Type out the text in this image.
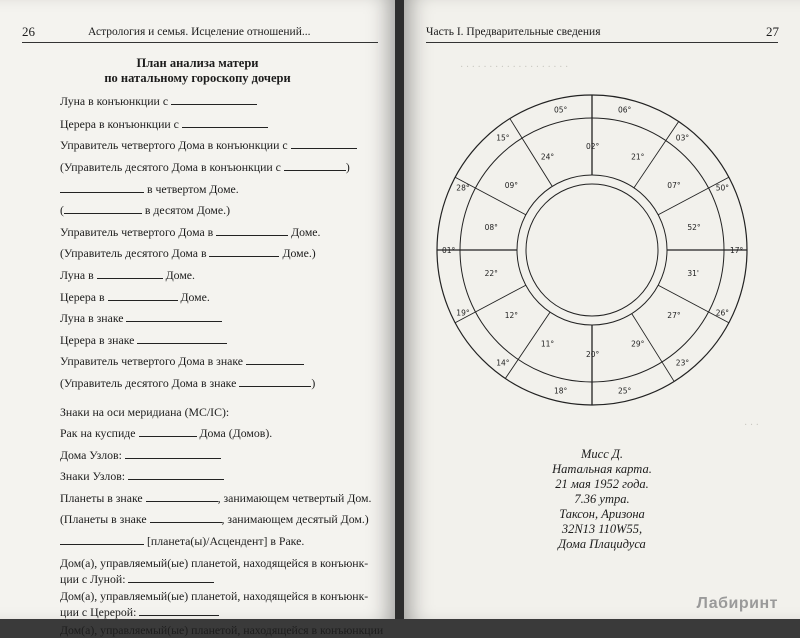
26	Астрология и семья. Исцеление отношений...
План анализа матери
по натальному гороскопу дочери
Луна в конъюнкции с
Церера в конъюнкции с
Управитель четвертого Дома в конъюнкции с
(Управитель десятого Дома в конъюнкции с	)
в четвертом Доме.
(	в десятом Доме.)
Управитель четвертого Дома в	Доме.
(Управитель десятого Дома в	Доме.)
Луна в	Доме.
Церера в	Доме.
Луна в знаке
Церера в знаке
Управитель четвертого Дома в знаке
(Управитель десятого Дома в знаке	)
Знаки на оси меридиана (MC/IC):
Рак на куспиде	Дома (Домов).
Дома Узлов:
Знаки Узлов:
Планеты в знаке	, занимающем четвертый Дом.
(Планеты в знаке	, занимающем десятый Дом.)
[планета(ы)/Асцендент] в Раке.
Дом(а), управляемый(ые) планетой, находящейся в конъюнк-
ции с Луной:
Дом(а), управляемый(ые) планетой, находящейся в конъюнк-
ции с Церерой:
Дом(а), управляемый(ые) планетой, находящейся в конъюнкции
Часть I. Предварительные сведения	27
· · · · · · · · · · · · · · · · · · ·
· · ·
17°
31'
26°
27°
23°
29°
25°
20°
18°
11°
14°
12°
19°
22°
01°
08°
28°	09°
15°
24°
05°
02°
06°
21°
03°
07°	50°
52°
Мисс Д.
Натальная карта.
21 мая 1952 года.
7.36 утра.
Таксон, Аризона
32N13 110W55,
Дома Плацидуса
Лабиринт
